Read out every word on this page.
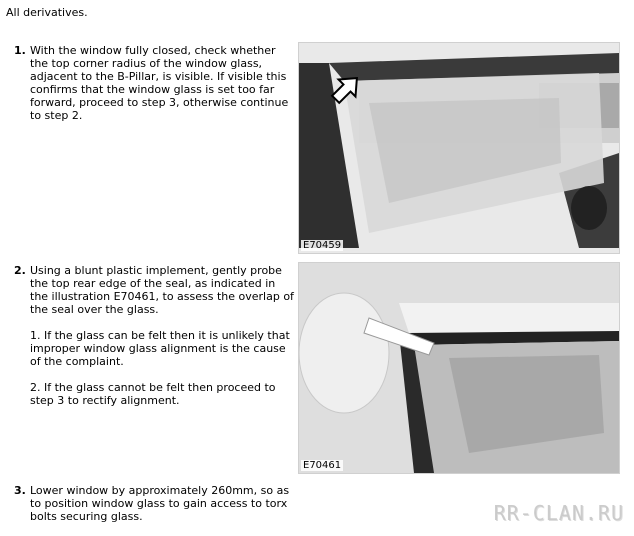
All derivatives.
1. With the window fully closed, check whether the top corner radius of the window glass, adjacent to the B-Pillar, is visible. If visible this confirms that the window glass is set too far forward, proceed to step 3, otherwise continue to step 2.

E70459
2. Using a blunt plastic implement, gently probe the top rear edge of the seal, as indicated in the illustration E70461, to assess the overlap of the seal over the glass.

1. If the glass can be felt then it is unlikely that improper window glass alignment is the cause of the complaint.

2. If the glass cannot be felt then proceed to step 3 to rectify alignment.

E70461
3. Lower window by approximately 260mm, so as to position window glass to gain access to torx bolts securing glass.	RR-CLAN.RU
